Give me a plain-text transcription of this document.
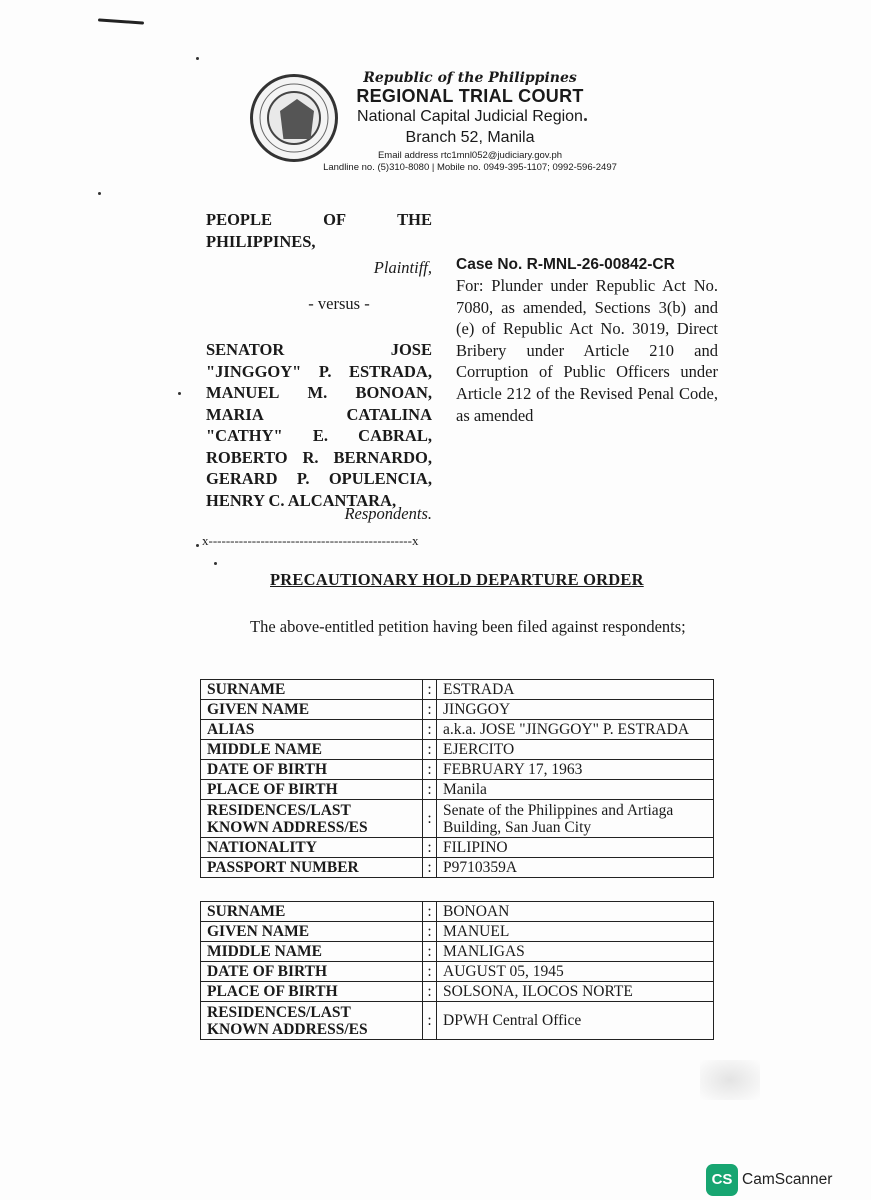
Republic of the Philippines
REGIONAL TRIAL COURT
National Capital Judicial Region
Branch 52, Manila
Email address rtc1mnl052@judiciary.gov.ph
Landline no. (5)310-8080 | Mobile no. 0949-395-1107; 0992-596-2497
PEOPLE	OF	THE
PHILIPPINES,
Plaintiff,
- versus -
SENATOR	JOSE
"JINGGOY" P. ESTRADA,
MANUEL M. BONOAN,
MARIA	CATALINA
"CATHY" E. CABRAL,
ROBERTO R. BERNARDO,
GERARD P. OPULENCIA,
HENRY C. ALCANTARA,
Respondents.
Case No. R-MNL-26-00842-CR
For: Plunder under Republic Act No. 7080, as amended, Sections 3(b) and (e) of Republic Act No. 3019, Direct Bribery under Article 210 and Corruption of Public Officers under Article 212 of the Revised Penal Code, as amended
x-----------------------------------------------x
PRECAUTIONARY HOLD DEPARTURE ORDER
The above-entitled petition having been filed against respondents;
SURNAME	:	ESTRADA
GIVEN NAME	:	JINGGOY
ALIAS	:	a.k.a. JOSE "JINGGOY" P. ESTRADA
MIDDLE NAME	:	EJERCITO
DATE OF BIRTH	:	FEBRUARY 17, 1963
PLACE OF BIRTH	:	Manila
RESIDENCES/LAST KNOWN ADDRESS/ES	:	Senate of the Philippines and Artiaga Building, San Juan City
NATIONALITY	:	FILIPINO
PASSPORT NUMBER	:	P9710359A
SURNAME	:	BONOAN
GIVEN NAME	:	MANUEL
MIDDLE NAME	:	MANLIGAS
DATE OF BIRTH	:	AUGUST 05, 1945
PLACE OF BIRTH	:	SOLSONA, ILOCOS NORTE
RESIDENCES/LAST KNOWN ADDRESS/ES	:	DPWH Central Office
CS CamScanner
